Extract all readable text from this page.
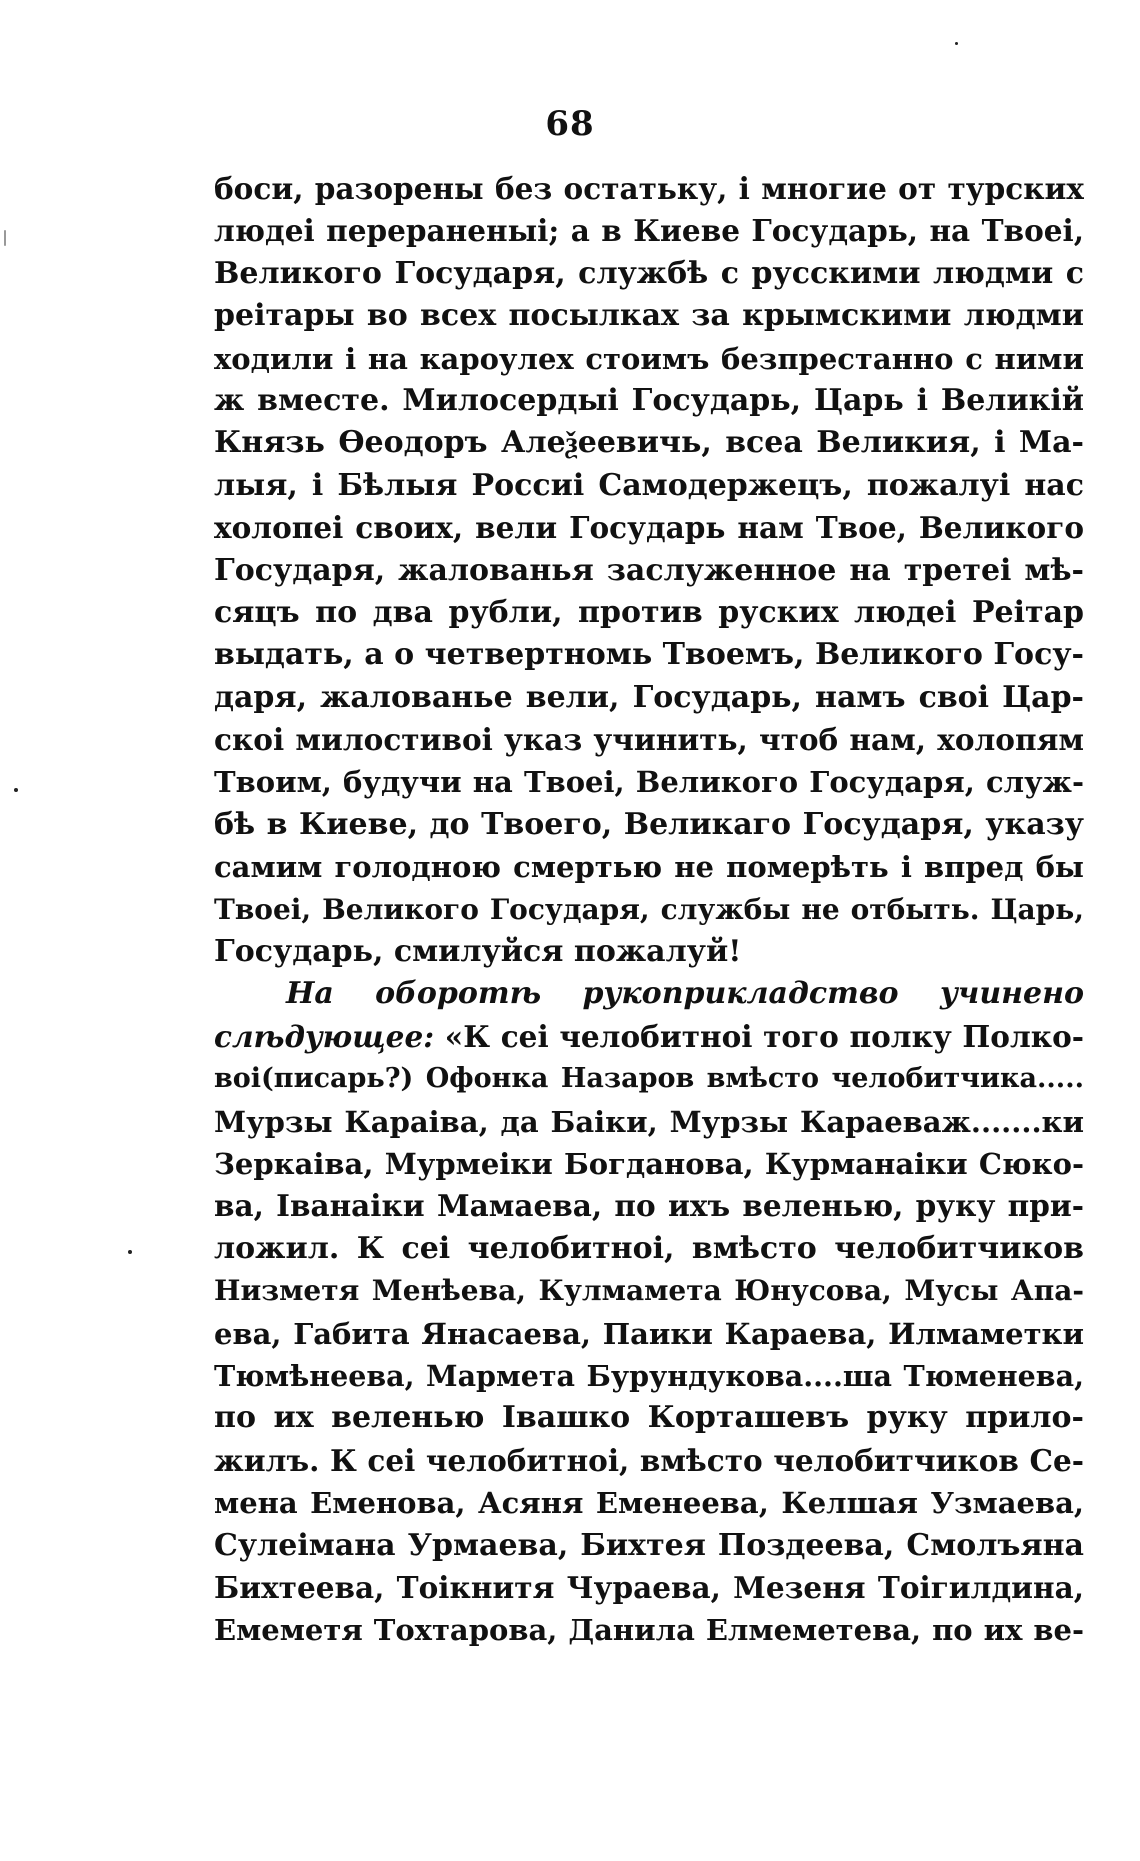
68
боси, разорены без остатьку, і многие от турских
людеі перераненыі; а в Киеве Государь, на Твоеі,
Великого Государя, службѣ с русскими людми с
реітары во всех посылках за крымскими людми
ходили і на кароулех стоимъ безпрестанно с ними
ж вместе. Милосердыі Государь, Царь і Великій
Князь Ѳеодоръ Алеѯеевичь, всеа Великия, і Ма-
лыя, і Бѣлыя Россиі Самодержецъ, пожалуі нас
холопеі своих, вели Государь нам Твое, Великого
Государя, жалованья заслуженное на третеі мѣ-
сяцъ по два рубли, против руских людеі Реітар
выдать, а о четвертномь Твоемъ, Великого Госу-
даря, жалованье вели, Государь, намъ своі Цар-
скоі милостивоі указ учинить, чтоб нам, холопям
Твоим, будучи на Твоеі, Великого Государя, служ-
бѣ в Киеве, до Твоего, Великаго Государя, указу
самим голодною смертью не померѣть і впред бы
Твоеі, Великого Государя, службы не отбыть. Царь,
Государь, смилуйся пожалуй!
На оборотѣ рукоприкладство учинено
слѣдующее: «К сеі челобитноі того полку Полко-
воі(писарь?) Офонка Назаров вмѣсто челобитчика.....
Мурзы Караіва, да Баіки, Мурзы Караеваж.......ки
Зеркаіва, Мурмеіки Богданова, Курманаіки Сюко-
ва, Іванаіки Мамаева, по ихъ веленью, руку при-
ложил. К сеі челобитноі, вмѣсто челобитчиков
Низметя Менѣева, Кулмамета Юнусова, Мусы Апа-
ева, Габита Янасаева, Паики Караева, Илмаметки
Тюмѣнеева, Мармета Бурундукова....ша Тюменева,
по их веленью Івашко Корташевъ руку прило-
жилъ. К сеі челобитноі, вмѣсто челобитчиков Се-
мена Еменова, Асяня Еменеева, Келшая Узмаева,
Сулеімана Урмаева, Бихтея Поздеева, Смолъяна
Бихтеева, Тоікнитя Чураева, Мезеня Тоігилдина,
Емеметя Тохтарова, Данила Елмеметева, по их ве-
